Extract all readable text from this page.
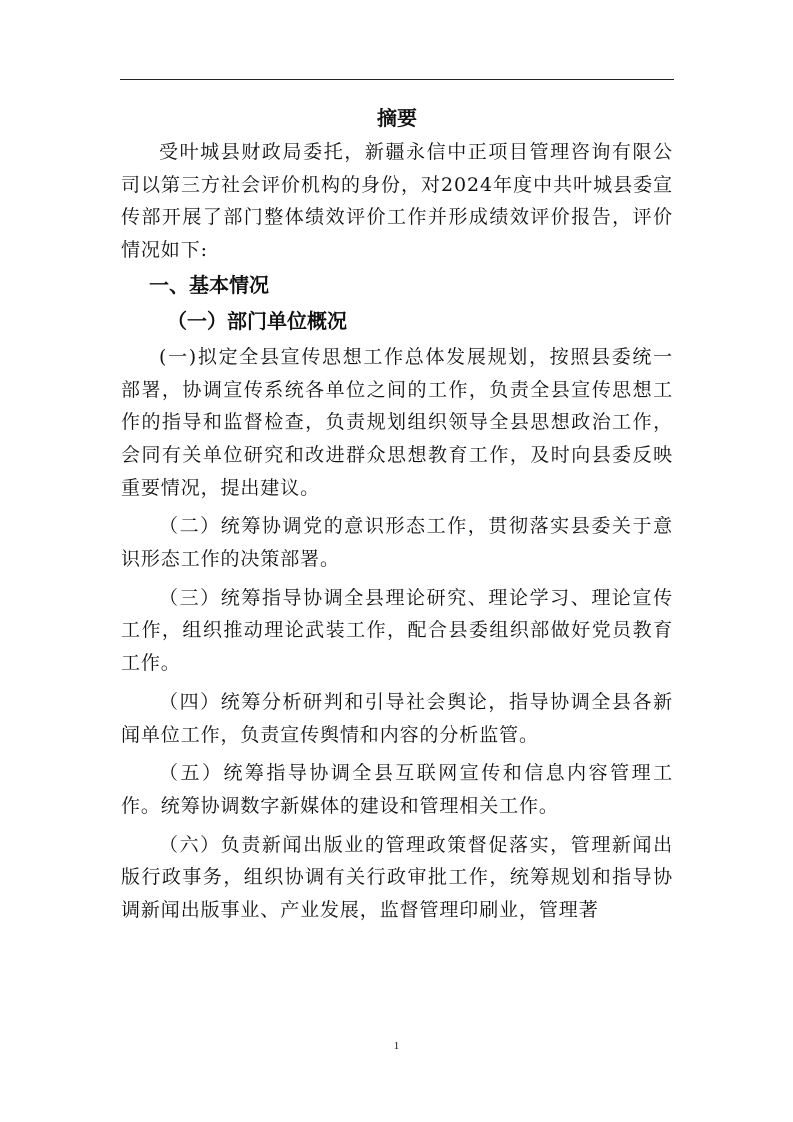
摘要

受叶城县财政局委托，新疆永信中正项目管理咨询有限公司以第三方社会评价机构的身份，对2024年度中共叶城县委宣传部开展了部门整体绩效评价工作并形成绩效评价报告，评价情况如下:

一、基本情况
（一）部门单位概况

(一)拟定全县宣传思想工作总体发展规划，按照县委统一部署，协调宣传系统各单位之间的工作，负责全县宣传思想工作的指导和监督检查，负责规划组织领导全县思想政治工作，会同有关单位研究和改进群众思想教育工作，及时向县委反映重要情况，提出建议。

（二）统筹协调党的意识形态工作，贯彻落实县委关于意识形态工作的决策部署。

（三）统筹指导协调全县理论研究、理论学习、理论宣传工作，组织推动理论武装工作，配合县委组织部做好党员教育工作。

（四）统筹分析研判和引导社会舆论，指导协调全县各新闻单位工作，负责宣传舆情和内容的分析监管。

（五）统筹指导协调全县互联网宣传和信息内容管理工作。统筹协调数字新媒体的建设和管理相关工作。

（六）负责新闻出版业的管理政策督促落实，管理新闻出版行政事务，组织协调有关行政审批工作，统筹规划和指导协调新闻出版事业、产业发展，监督管理印刷业，管理著

1
